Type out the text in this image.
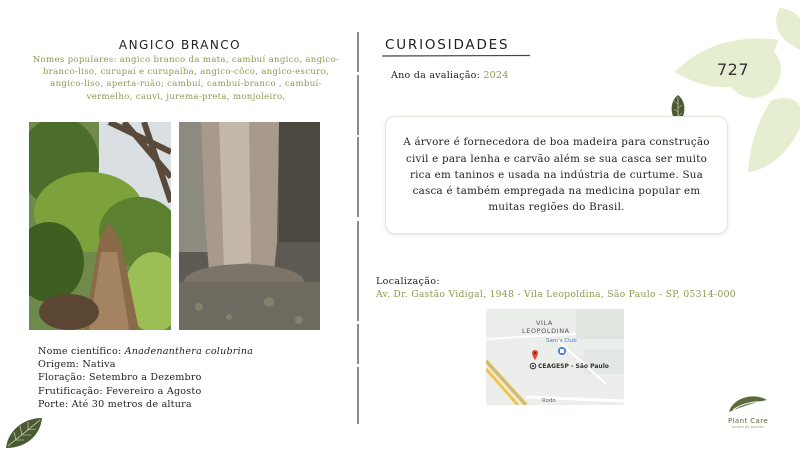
ANGICO BRANCO
Nomes populares: angico branco da mata, cambuí angico, angico-branco-liso, curupaí e curupaíba, angico-côco, angico-escuro, angico-liso, aperta-ruão; cambuí, cambuí-branco , cambuí-vermelho, cauvi, jurema-preta, monjoleiro,
Nome científico: Anadenanthera colubrina
Origem: Nativa
Floração: Setembro a Dezembro
Frutificação: Fevereiro a Agosto
Porte: Até 30 metros de altura
CURIOSIDADES
Ano da avaliação: 2024	727

A árvore é fornecedora de boa madeira para construção civil e para lenha e carvão além se sua casca ser muito rica em taninos e usada na indústria de curtume. Sua casca é também empregada na medicina popular em muitas regiões do Brasil.

Localização:
Av. Dr. Gastão Vidigal, 1948 - Vila Leopoldina, São Paulo - SP, 05314-000
VILA
LEOPOLDINA
Sam's Club
CEAGESP - São Paulo
Rodo
Plant Care
jardins de plantas
